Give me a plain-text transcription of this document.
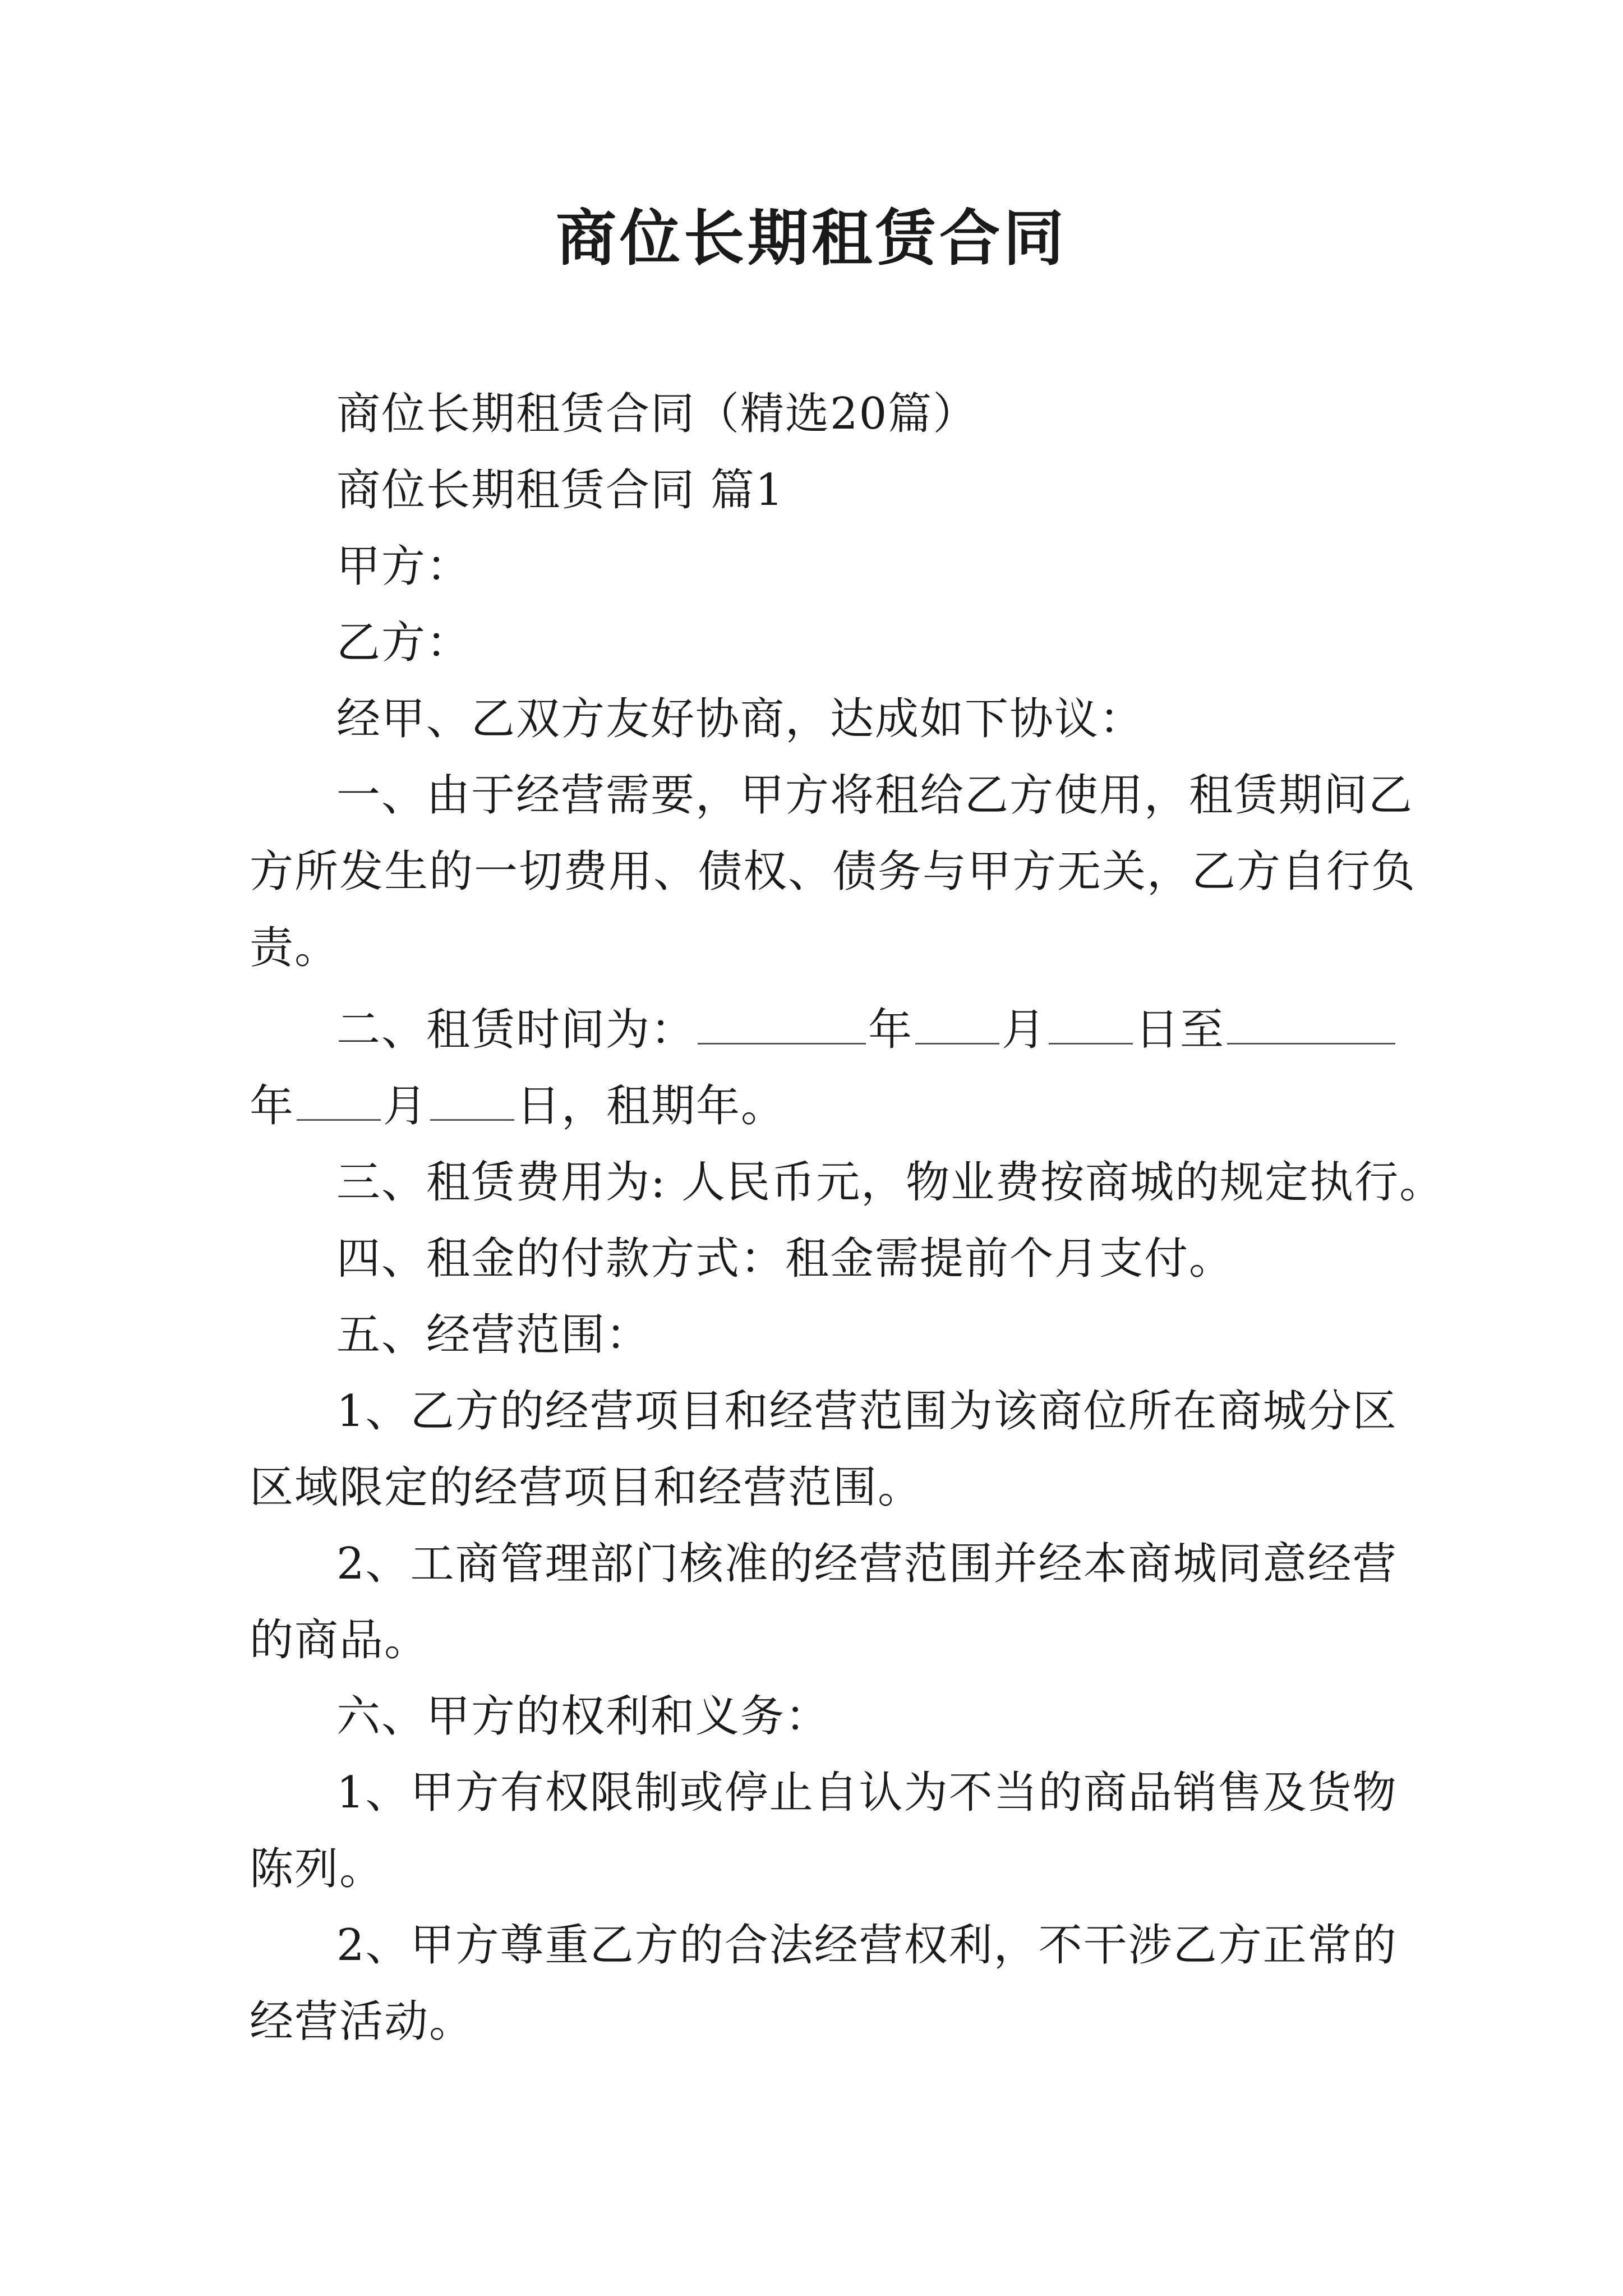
商位长期租赁合同
商位长期租赁合同（精选20篇）
商位长期租赁合同 篇1
甲方：
乙方：
经甲、乙双方友好协商，达成如下协议：
一、由于经营需要，甲方将租给乙方使用，租赁期间乙
方所发生的一切费用、债权、债务与甲方无关，乙方自行负
责。
二、租赁时间为：	年 月 日至
年 月 日，租期年。
三、租赁费用为: 人民币元，物业费按商城的规定执行。
四、租金的付款方式：租金需提前个月支付。
五、经营范围：
1、乙方的经营项目和经营范围为该商位所在商城分区
区域限定的经营项目和经营范围。
2、工商管理部门核准的经营范围并经本商城同意经营
的商品。
六、甲方的权利和义务：
1、甲方有权限制或停止自认为不当的商品销售及货物
陈列。
2、甲方尊重乙方的合法经营权利，不干涉乙方正常的
经营活动。
